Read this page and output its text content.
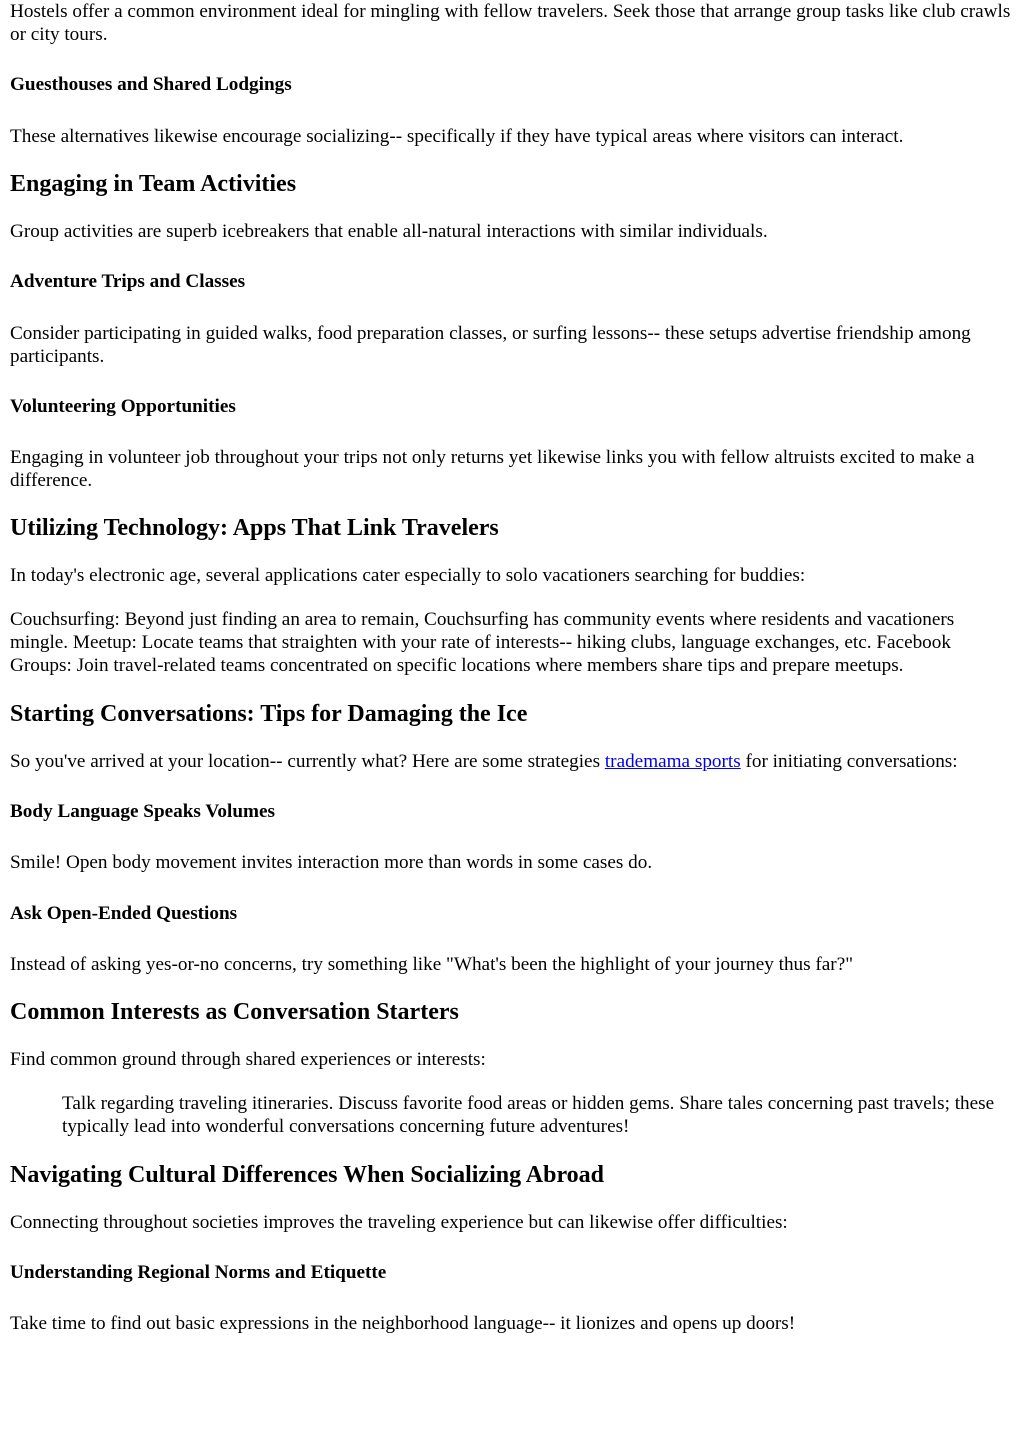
Hostels offer a common environment ideal for mingling with fellow travelers. Seek those that arrange group tasks like club crawls or city tours.

Guesthouses and Shared Lodgings

These alternatives likewise encourage socializing-- specifically if they have typical areas where visitors can interact.

Engaging in Team Activities

Group activities are superb icebreakers that enable all-natural interactions with similar individuals.

Adventure Trips and Classes

Consider participating in guided walks, food preparation classes, or surfing lessons-- these setups advertise friendship among participants.

Volunteering Opportunities

Engaging in volunteer job throughout your trips not only returns yet likewise links you with fellow altruists excited to make a difference.

Utilizing Technology: Apps That Link Travelers

In today's electronic age, several applications cater especially to solo vacationers searching for buddies:

Couchsurfing: Beyond just finding an area to remain, Couchsurfing has community events where residents and vacationers mingle. Meetup: Locate teams that straighten with your rate of interests-- hiking clubs, language exchanges, etc. Facebook Groups: Join travel-related teams concentrated on specific locations where members share tips and prepare meetups.

Starting Conversations: Tips for Damaging the Ice

So you've arrived at your location-- currently what? Here are some strategies trademama sports for initiating conversations:

Body Language Speaks Volumes

Smile! Open body movement invites interaction more than words in some cases do.

Ask Open-Ended Questions

Instead of asking yes-or-no concerns, try something like "What's been the highlight of your journey thus far?"

Common Interests as Conversation Starters

Find common ground through shared experiences or interests:

Talk regarding traveling itineraries. Discuss favorite food areas or hidden gems. Share tales concerning past travels; these typically lead into wonderful conversations concerning future adventures!

Navigating Cultural Differences When Socializing Abroad

Connecting throughout societies improves the traveling experience but can likewise offer difficulties:

Understanding Regional Norms and Etiquette

Take time to find out basic expressions in the neighborhood language-- it lionizes and opens up doors!
